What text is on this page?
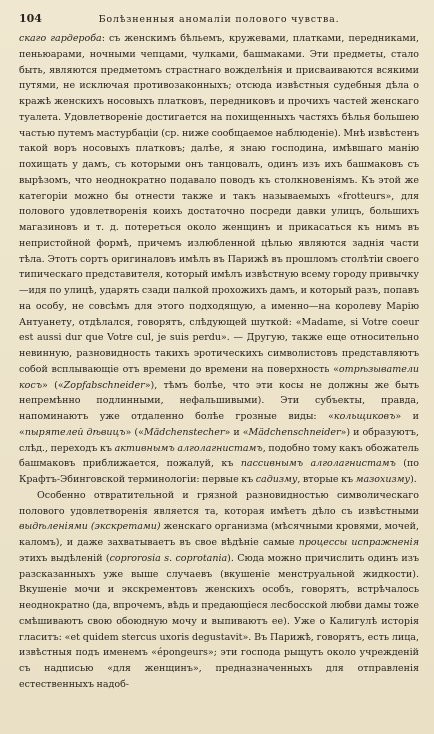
104	Болѣзненныя аномаліи полового чувства.

скаго гардероба: съ женскимъ бѣльемъ, кружевами, платками, передниками, пеньюарами, ночными чепцами, чулками, башмаками. Эти предметы, стало быть, являются предметомъ страстнаго вожделѣнія и присваиваются всякими путями, не исключая противозаконныхъ; отсюда извѣстныя судебныя дѣла о кражѣ женскихъ носовыхъ платковъ, передниковъ и прочихъ частей женскаго туалета. Удовлетвореніе достигается на похищенныхъ частяхъ бѣлья большею частью путемъ мастурбаціи (ср. ниже сообщаемое наблюденіе). Мнѣ извѣстенъ такой воръ носовыхъ платковъ; далѣе, я знаю господина, имѣвшаго манію похищать у дамъ, съ которыми онъ танцовалъ, одинъ изъ ихъ башмаковъ съ вырѣзомъ, что неоднократно подавало поводъ къ столкновеніямъ. Къ этой же категоріи можно бы отнести также и такъ называемыхъ «frotteurs», для полового удовлетворенія коихъ достаточно посреди давки улицъ, большихъ магазиновъ и т. д. потереться около женщинъ и прикасаться къ нимъ въ непристойной формѣ, причемъ излюбленной цѣлью являются заднія части тѣла. Этотъ сортъ оригиналовъ имѣлъ въ Парижѣ въ прошломъ столѣтіи своего типическаго представителя, который имѣлъ извѣстную всему городу привычку—идя по улицѣ, ударять сзади палкой прохожихъ дамъ, и который разъ, попавъ на особу, не совсѣмъ для этого подходящую, а именно—на королеву Марію Антуанету, отдѣлался, говорятъ, слѣдующей шуткой: «Madame, si Votre coeur est aussi dur que Votre cul, je suis perdu». — Другую, также еще относительно невинную, разновидность такихъ эротическихъ символистовъ представляютъ собой всплывающіе отъ времени до времени на поверхность «отрѣзыватели косъ» («Zopfabschneider»), тѣмъ болѣе, что эти косы не должны же быть непремѣнно подлинными, нефальшивыми). Эти субъекты, правда, напоминаютъ уже отдаленно болѣе грозные виды: «кольщиковъ» и «пырятелей дѣвицъ» («Mädchenstecher» и «Mädchenschneider») и образуютъ, слѣд., переходъ къ активнымъ алголагнистамъ, подобно тому какъ обожатель башмаковъ приближается, пожалуй, къ пассивнымъ алголагнистамъ (по Крафтъ-Эбинговской терминологіи: первые къ садизму, вторые къ мазохизму).

Особенно отвратительной и грязной разновидностью символическаго полового удовлетворенія является та, которая имѣетъ дѣло съ извѣстными выдѣленіями (экскретами) женскаго организма (мѣсячными кровями, мочей, каломъ), и даже захватываетъ въ свое вѣдѣніе самые процессы испражненія этихъ выдѣленій (coprorosia s. coprotania). Сюда можно причислить одинъ изъ разсказанныхъ уже выше случаевъ (вкушеніе менструальной жидкости). Вкушеніе мочи и экскрементовъ женскихъ особъ, говорятъ, встрѣчалось неоднократно (да, впрочемъ, вѣдь и предающіеся лесбосской любви дамы тоже смѣшиваютъ свою обоюдную мочу и выпиваютъ ее). Уже о Калигулѣ исторія гласитъ: «et quidem stercus uxoris degustavit». Въ Парижѣ, говорятъ, есть лица, извѣстныя подъ именемъ «épongeurs»; эти господа рыщутъ около учрежденій съ надписью «для женщинъ», предназначенныхъ для отправленія естественныхъ надоб-
